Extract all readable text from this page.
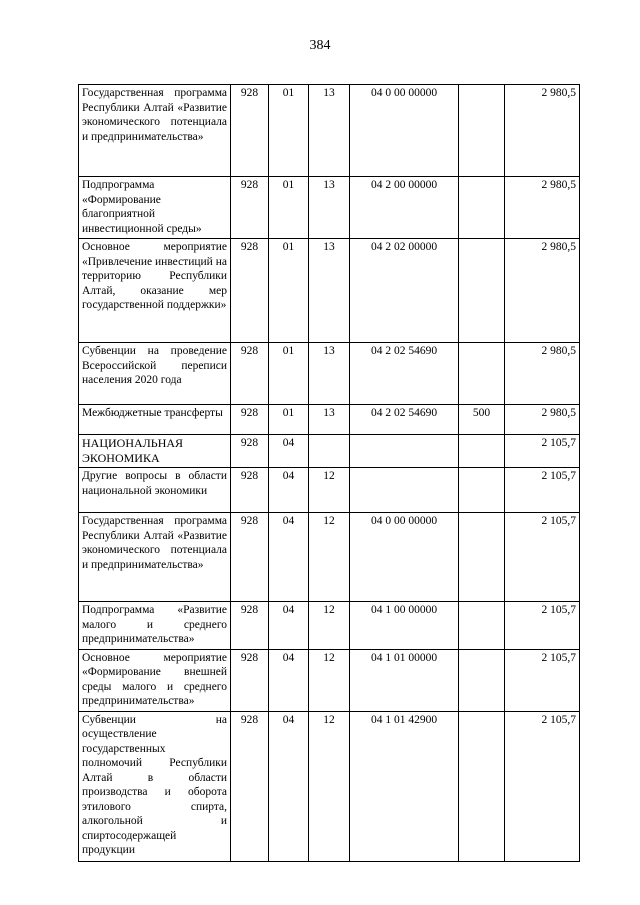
384
Государственная программа Республики Алтай «Развитие экономического потенциала и предпринимательства»	928	01	13	04 0 00 00000		2 980,5
Подпрограмма «Формирование благоприятной инвестиционной среды»	928	01	13	04 2 00 00000		2 980,5
Основное мероприятие «Привлечение инвестиций на территорию Республики Алтай, оказание мер государственной поддержки»	928	01	13	04 2 02 00000		2 980,5
Субвенции на проведение Всероссийской переписи населения 2020 года	928	01	13	04 2 02 54690		2 980,5
Межбюджетные трансферты	928	01	13	04 2 02 54690	500	2 980,5
НАЦИОНАЛЬНАЯ ЭКОНОМИКА	928	04				2 105,7
Другие вопросы в области национальной экономики	928	04	12			2 105,7
Государственная программа Республики Алтай «Развитие экономического потенциала и предпринимательства»	928	04	12	04 0 00 00000		2 105,7
Подпрограмма «Развитие малого и среднего предпринимательства»	928	04	12	04 1 00 00000		2 105,7
Основное мероприятие «Формирование внешней среды малого и среднего предпринимательства»	928	04	12	04 1 01 00000		2 105,7
Субвенции на осуществление государственных полномочий Республики Алтай в области производства и оборота этилового спирта, алкогольной и спиртосодержащей продукции	928	04	12	04 1 01 42900		2 105,7
